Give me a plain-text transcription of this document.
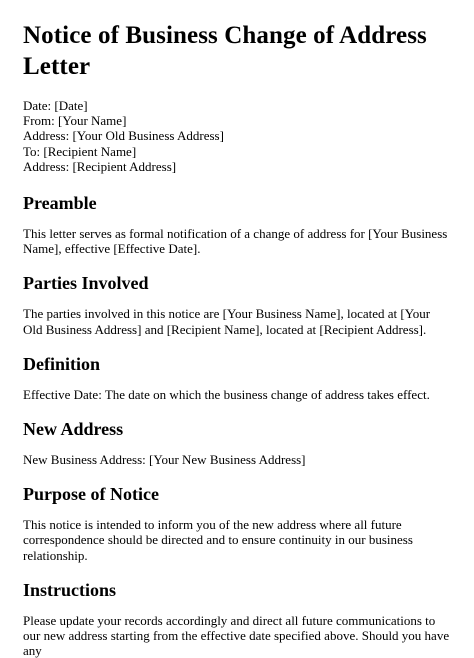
Notice of Business Change of Address Letter
Date: [Date]
From: [Your Name]
Address: [Your Old Business Address]
To: [Recipient Name]
Address: [Recipient Address]
Preamble

This letter serves as formal notification of a change of address for [Your Business Name], effective [Effective Date].

Parties Involved

The parties involved in this notice are [Your Business Name], located at [Your Old Business Address] and [Recipient Name], located at [Recipient Address].

Definition

Effective Date: The date on which the business change of address takes effect.

New Address

New Business Address: [Your New Business Address]

Purpose of Notice

This notice is intended to inform you of the new address where all future correspondence should be directed and to ensure continuity in our business relationship.

Instructions

Please update your records accordingly and direct all future communications to our new address starting from the effective date specified above. Should you have any
